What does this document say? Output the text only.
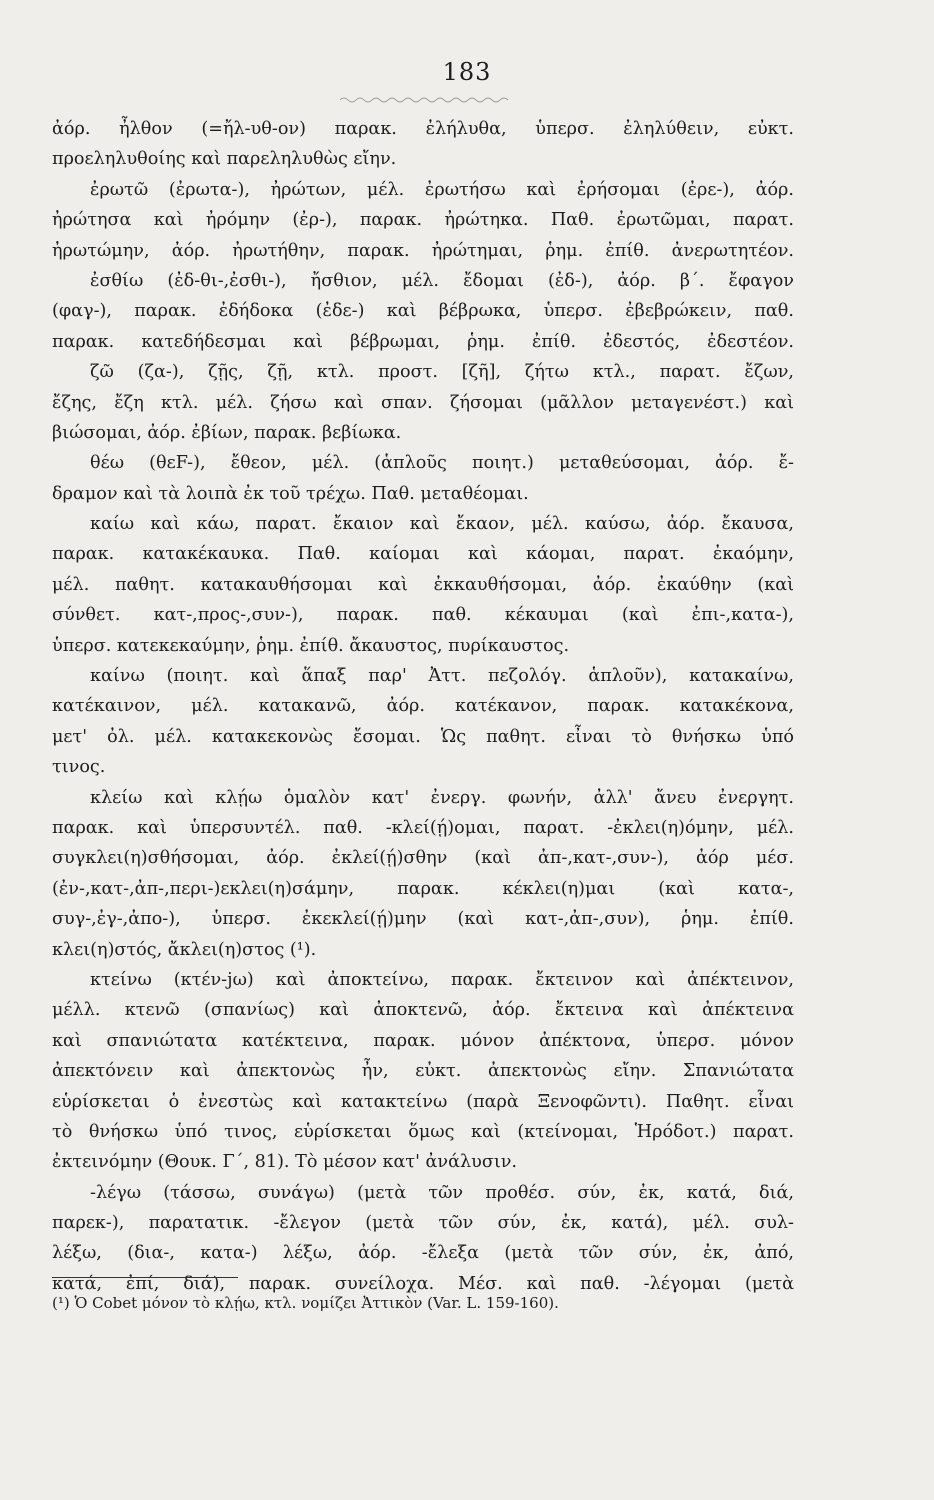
183
ἀόρ. ἦλθον (=ἤλ-υθ-ον) παρακ. ἐλήλυθα, ὑπερσ. ἐληλύθειν, εὐκτ.
προεληλυθοίης καὶ παρεληλυθὼς εἴην.
ἐρωτῶ (ἐρωτα-), ἠρώτων, μέλ. ἐρωτήσω καὶ ἐρήσομαι (ἐρε-), ἀόρ.
ἠρώτησα καὶ ἠρόμην (ἐρ-), παρακ. ἠρώτηκα. Παθ. ἐρωτῶμαι, παρατ.
ἠρωτώμην, ἀόρ. ἠρωτήθην, παρακ. ἠρώτημαι, ῥημ. ἐπίθ. ἀνερωτητέον.
ἐσθίω (ἐδ-θι-,ἐσθι-), ἤσθιον, μέλ. ἔδομαι (ἐδ-), ἀόρ. β΄. ἔφαγον
(φαγ-), παρακ. ἐδήδοκα (ἐδε-) καὶ βέβρωκα, ὑπερσ. ἐβεβρώκειν, παθ.
παρακ. κατεδήδεσμαι καὶ βέβρωμαι, ῥημ. ἐπίθ. ἐδεστός, ἐδεστέον.
ζῶ (ζα-), ζῇς, ζῇ, κτλ. προστ. [ζῆ], ζήτω κτλ., παρατ. ἔζων,
ἔζης, ἔζη κτλ. μέλ. ζήσω καὶ σπαν. ζήσομαι (μᾶλλον μεταγενέστ.) καὶ
βιώσομαι, ἀόρ. ἐβίων, παρακ. βεβίωκα.
θέω (θεF-), ἔθεον, μέλ. (ἁπλοῦς ποιητ.) μεταθεύσομαι, ἀόρ. ἔ-
δραμον καὶ τὰ λοιπὰ ἐκ τοῦ τρέχω. Παθ. μεταθέομαι.
καίω καὶ κάω, παρατ. ἔκαιον καὶ ἔκαον, μέλ. καύσω, ἀόρ. ἔκαυσα,
παρακ. κατακέκαυκα. Παθ. καίομαι καὶ κάομαι, παρατ. ἐκαόμην,
μέλ. παθητ. κατακαυθήσομαι καὶ ἐκκαυθήσομαι, ἀόρ. ἐκαύθην (καὶ
σύνθετ. κατ-,προς-,συν-), παρακ. παθ. κέκαυμαι (καὶ ἐπι-,κατα-),
ὑπερσ. κατεκεκαύμην, ῥημ. ἐπίθ. ἄκαυστος, πυρίκαυστος.
καίνω (ποιητ. καὶ ἅπαξ παρ' Ἀττ. πεζολόγ. ἁπλοῦν), κατακαίνω,
κατέκαινον, μέλ. κατακανῶ, ἀόρ. κατέκανον, παρακ. κατακέκονα,
μετ' ὀλ. μέλ. κατακεκονὼς ἔσομαι. Ὡς παθητ. εἶναι τὸ θνήσκω ὑπό
τινος.
κλείω καὶ κλῄω ὁμαλὸν κατ' ἐνεργ. φωνήν, ἀλλ' ἄνευ ἐνεργητ.
παρακ. καὶ ὑπερσυντέλ. παθ. -κλεί(ῄ)ομαι, παρατ. -ἐκλει(η)όμην, μέλ.
συγκλει(η)σθήσομαι, ἀόρ. ἐκλεί(ῄ)σθην (καὶ ἀπ-,κατ-,συν-), ἀόρ μέσ.
(ἐν-,κατ-,ἀπ-,περι-)εκλει(η)σάμην, παρακ. κέκλει(η)μαι (καὶ κατα-,
συγ-,ἐγ-,ἀπο-), ὑπερσ. ἐκεκλεί(ῄ)μην (καὶ κατ-,ἀπ-,συν), ῥημ. ἐπίθ.
κλει(η)στός, ἄκλει(η)στος (¹).
κτείνω (κτέν-jω) καὶ ἀποκτείνω, παρακ. ἔκτεινον καὶ ἀπέκτεινον,
μέλλ. κτενῶ (σπανίως) καὶ ἀποκτενῶ, ἀόρ. ἔκτεινα καὶ ἀπέκτεινα
καὶ σπανιώτατα κατέκτεινα, παρακ. μόνον ἀπέκτονα, ὑπερσ. μόνον
ἀπεκτόνειν καὶ ἀπεκτονὼς ἦν, εὐκτ. ἀπεκτονὼς εἴην. Σπανιώτατα
εὑρίσκεται ὁ ἐνεστὼς καὶ κατακτείνω (παρὰ Ξενοφῶντι). Παθητ. εἶναι
τὸ θνήσκω ὑπό τινος, εὑρίσκεται ὅμως καὶ (κτείνομαι, Ἡρόδοτ.) παρατ.
ἐκτεινόμην (Θουκ. Γ΄, 81). Τὸ μέσον κατ' ἀνάλυσιν.
-λέγω (τάσσω, συνάγω) (μετὰ τῶν προθέσ. σύν, ἐκ, κατά, διά,
παρεκ-), παρατατικ. -ἔλεγον (μετὰ τῶν σύν, ἐκ, κατά), μέλ. συλ-
λέξω, (δια-, κατα-) λέξω, ἀόρ. -ἔλεξα (μετὰ τῶν σύν, ἐκ, ἀπό,
κατά, ἐπί, διά), παρακ. συνείλοχα. Μέσ. καὶ παθ. -λέγομαι (μετὰ
(¹) Ὁ Cobet μόνον τὸ κλῄω, κτλ. νομίζει Ἀττικὸν (Var. L. 159-160).
